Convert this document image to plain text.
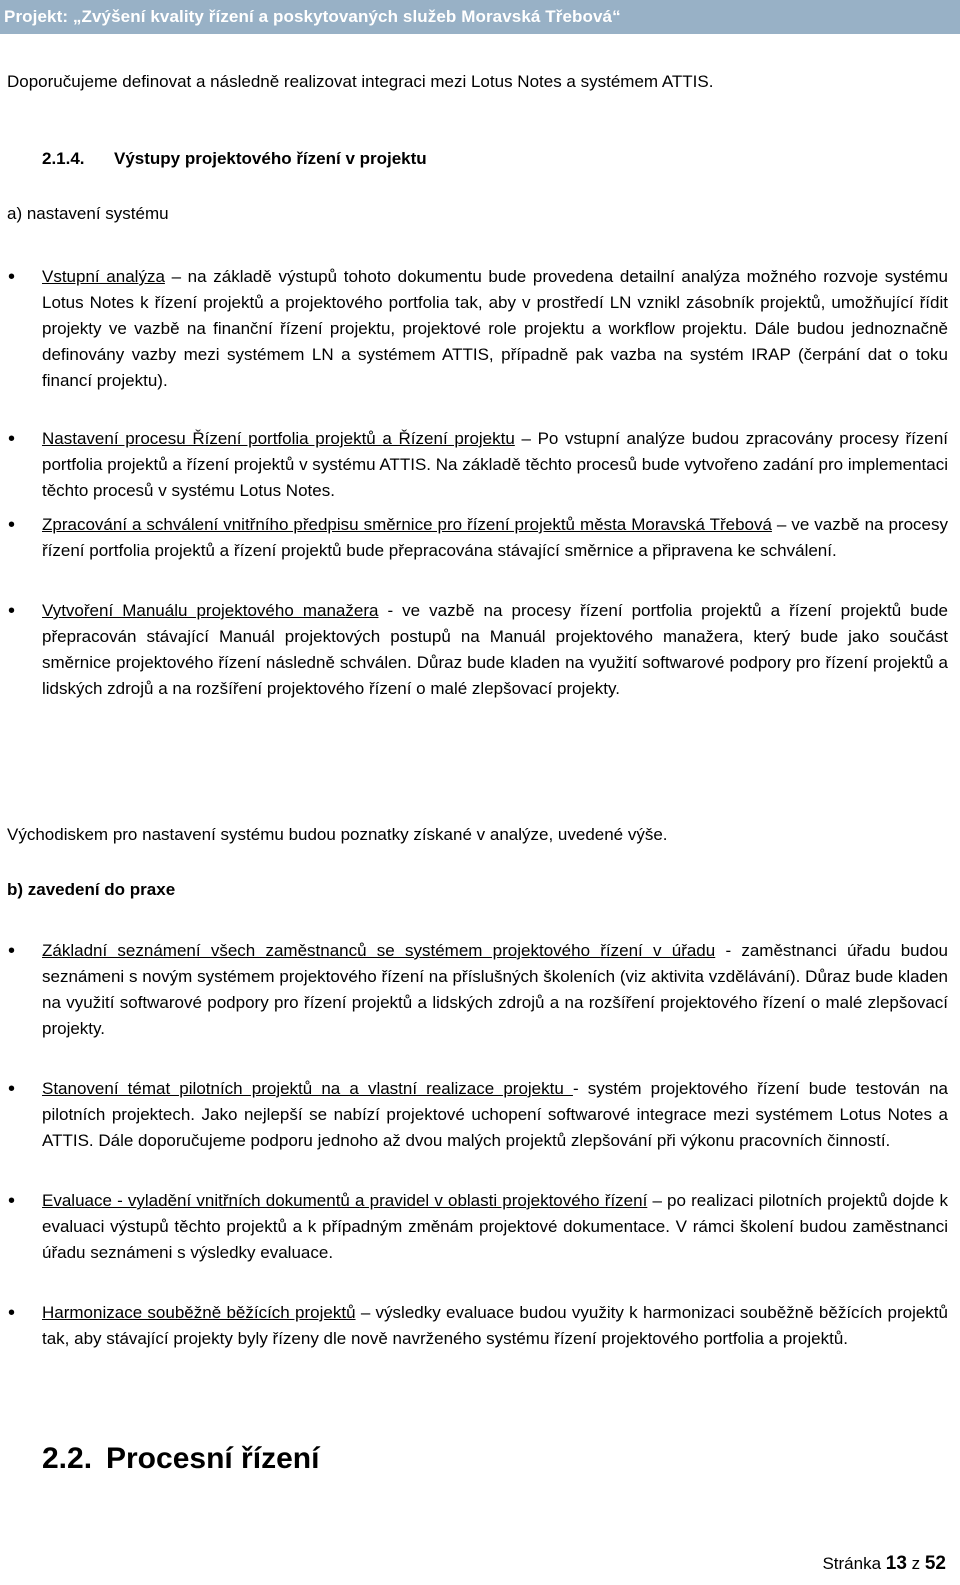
Projekt: „Zvýšení kvality řízení a poskytovaných služeb Moravská Třebová“
Doporučujeme definovat a následně realizovat integraci mezi Lotus Notes a systémem ATTIS.
2.1.4. Výstupy projektového řízení v projektu
a) nastavení systému
• Vstupní analýza – na základě výstupů tohoto dokumentu bude provedena detailní analýza možného rozvoje systému Lotus Notes k řízení projektů a projektového portfolia tak, aby v prostředí LN vznikl zásobník projektů, umožňující řídit projekty ve vazbě na finanční řízení projektu, projektové role projektu a workflow projektu. Dále budou jednoznačně definovány vazby mezi systémem LN a systémem ATTIS, případně pak vazba na systém IRAP (čerpání dat o toku financí projektu).
• Nastavení procesu Řízení portfolia projektů a Řízení projektu – Po vstupní analýze budou zpracovány procesy řízení portfolia projektů a řízení projektů v systému ATTIS. Na základě těchto procesů bude vytvořeno zadání pro implementaci těchto procesů v systému Lotus Notes.
• Zpracování a schválení vnitřního předpisu směrnice pro řízení projektů města Moravská Třebová – ve vazbě na procesy řízení portfolia projektů a řízení projektů bude přepracována stávající směrnice a připravena ke schválení.
• Vytvoření Manuálu projektového manažera - ve vazbě na procesy řízení portfolia projektů a řízení projektů bude přepracován stávající Manuál projektových postupů na Manuál projektového manažera, který bude jako součást směrnice projektového řízení následně schválen. Důraz bude kladen na využití softwarové podpory pro řízení projektů a lidských zdrojů a na rozšíření projektového řízení o malé zlepšovací projekty.
Východiskem pro nastavení systému budou poznatky získané v analýze, uvedené výše.
b) zavedení do praxe
• Základní seznámení všech zaměstnanců se systémem projektového řízení v úřadu - zaměstnanci úřadu budou seznámeni s novým systémem projektového řízení na příslušných školeních (viz aktivita vzdělávání). Důraz bude kladen na využití softwarové podpory pro řízení projektů a lidských zdrojů a na rozšíření projektového řízení o malé zlepšovací projekty.
• Stanovení témat pilotních projektů na a vlastní realizace projektu - systém projektového řízení bude testován na pilotních projektech. Jako nejlepší se nabízí projektové uchopení softwarové integrace mezi systémem Lotus Notes a ATTIS. Dále doporučujeme podporu jednoho až dvou malých projektů zlepšování při výkonu pracovních činností.
• Evaluace - vyladění vnitřních dokumentů a pravidel v oblasti projektového řízení – po realizaci pilotních projektů dojde k evaluaci výstupů těchto projektů a k případným změnám projektové dokumentace. V rámci školení budou zaměstnanci úřadu seznámeni s výsledky evaluace.
• Harmonizace souběžně běžících projektů – výsledky evaluace budou využity k harmonizaci souběžně běžících projektů tak, aby stávající projekty byly řízeny dle nově navrženého systému řízení projektového portfolia a projektů.
2.2. Procesní řízení
Stránka 13 z 52
